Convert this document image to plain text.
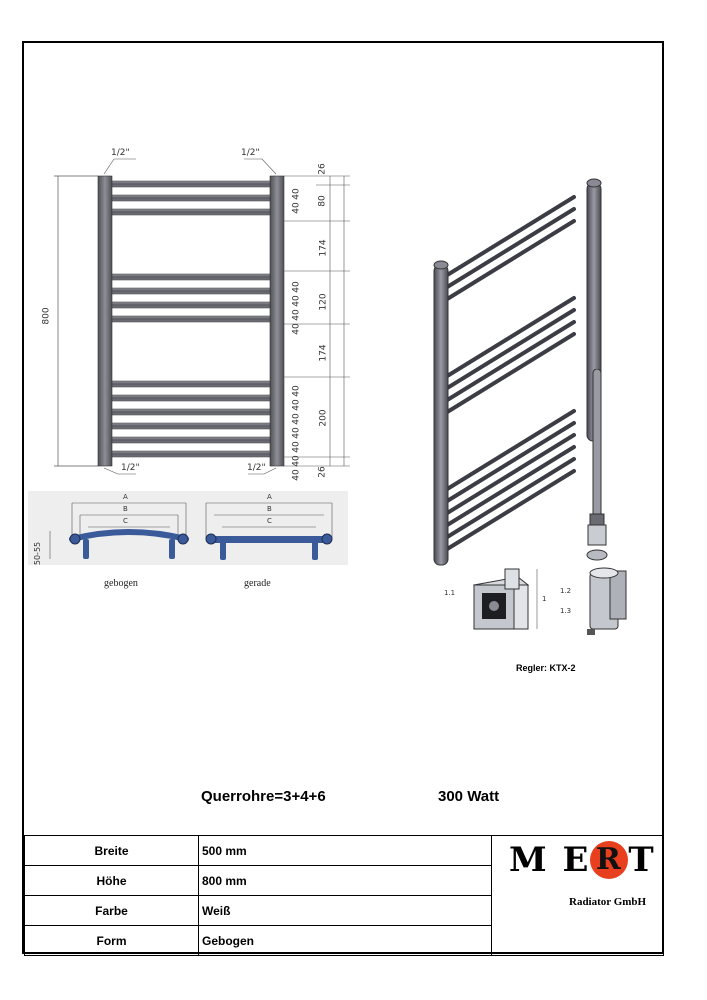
1/2"	1/2"
1/2"	1/2"
800
26
40
40
80
174
40
40
40
120
40
174
40
40
40
40
40
200
40
40 26
A
B
C
A
B
C
50-55
gebogen	gerade
1.1
1
1.2
1.3
Regler: KTX-2
Querrohre=3+4+6	300 Watt
Breite	500 mm	M E R T
Radiator GmbH

Höhe	800 mm	
Farbe	Weiß	
Form	Gebogen	
